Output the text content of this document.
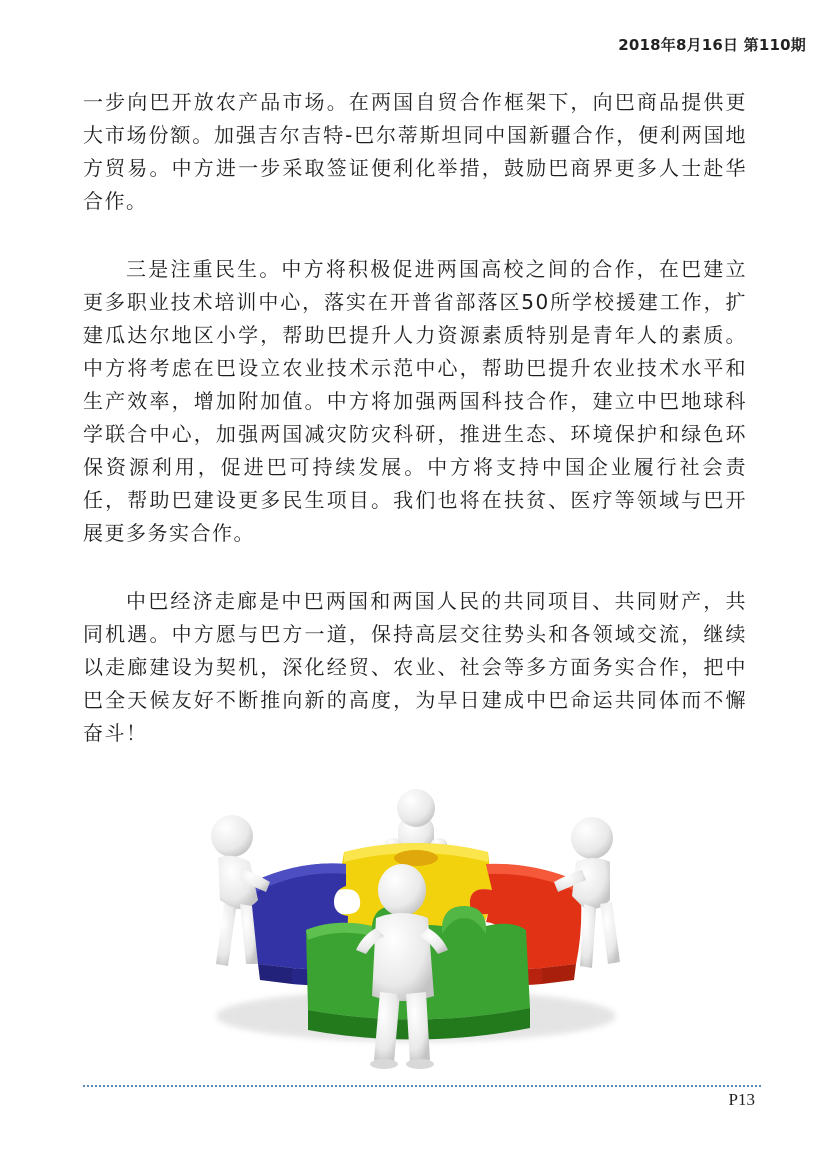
2018年8月16日 第110期

一步向巴开放农产品市场。在两国自贸合作框架下，向巴商品提供更大市场份额。加强吉尔吉特-巴尔蒂斯坦同中国新疆合作，便利两国地方贸易。中方进一步采取签证便利化举措，鼓励巴商界更多人士赴华合作。

三是注重民生。中方将积极促进两国高校之间的合作，在巴建立更多职业技术培训中心，落实在开普省部落区50所学校援建工作，扩建瓜达尔地区小学，帮助巴提升人力资源素质特别是青年人的素质。中方将考虑在巴设立农业技术示范中心，帮助巴提升农业技术水平和生产效率，增加附加值。中方将加强两国科技合作，建立中巴地球科学联合中心，加强两国减灾防灾科研，推进生态、环境保护和绿色环保资源利用，促进巴可持续发展。中方将支持中国企业履行社会责任，帮助巴建设更多民生项目。我们也将在扶贫、医疗等领域与巴开展更多务实合作。

中巴经济走廊是中巴两国和两国人民的共同项目、共同财产，共同机遇。中方愿与巴方一道，保持高层交往势头和各领域交流，继续以走廊建设为契机，深化经贸、农业、社会等多方面务实合作，把中巴全天候友好不断推向新的高度，为早日建成中巴命运共同体而不懈奋斗！

P13
